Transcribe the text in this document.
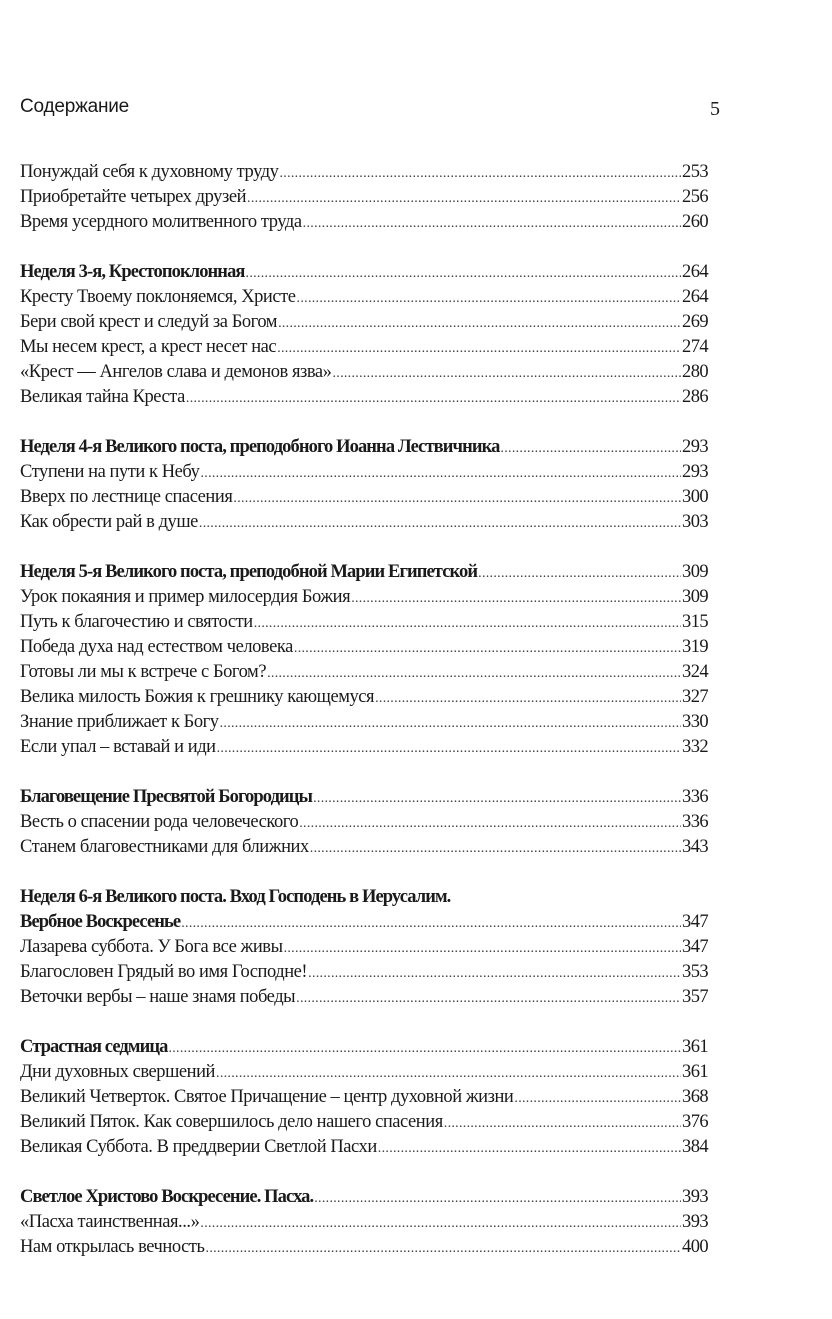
Содержание	5
Понуждай себя к духовному труду .....	253
Приобретайте четырех друзей .....	256
Время усердного молитвенного труда .....	260
Неделя 3-я, Крестопоклонная .....	264
Кресту Твоему поклоняемся, Христе .....	264
Бери свой крест и следуй за Богом .....	269
Мы несем крест, а крест несет нас .....	274
«Крест — Ангелов слава и демонов язва» .....	280
Великая тайна Креста .....	286
Неделя 4-я Великого поста, преподобного Иоанна Лествичника .....	293
Ступени на пути к Небу .....	293
Вверх по лестнице спасения .....	300
Как обрести рай в душе .....	303
Неделя 5-я Великого поста, преподобной Марии Египетской .....	309
Урок покаяния и пример милосердия Божия .....	309
Путь к благочестию и святости .....	315
Победа духа над естеством человека .....	319
Готовы ли мы к встрече с Богом? .....	324
Велика милость Божия к грешнику кающемуся .....	327
Знание приближает к Богу .....	330
Если упал – вставай и иди .....	332
Благовещение Пресвятой Богородицы .....	336
Весть о спасении рода человеческого .....	336
Станем благовестниками для ближних .....	343
Неделя 6-я Великого поста. Вход Господень в Иерусалим.
Вербное Воскресенье .....	347
Лазарева суббота. У Бога все живы .....	347
Благословен Грядый во имя Господне! .....	353
Веточки вербы – наше знамя победы .....	357
Страстная седмица .....	361
Дни духовных свершений .....	361
Великий Четверток. Святое Причащение – центр духовной жизни .....	368
Великий Пяток. Как совершилось дело нашего спасения .....	376
Великая Суббота. В преддверии Светлой Пасхи .....	384
Светлое Христово Воскресение. Пасха. .....	393
«Пасха таинственная...» .....	393
Нам открылась вечность .....	400
